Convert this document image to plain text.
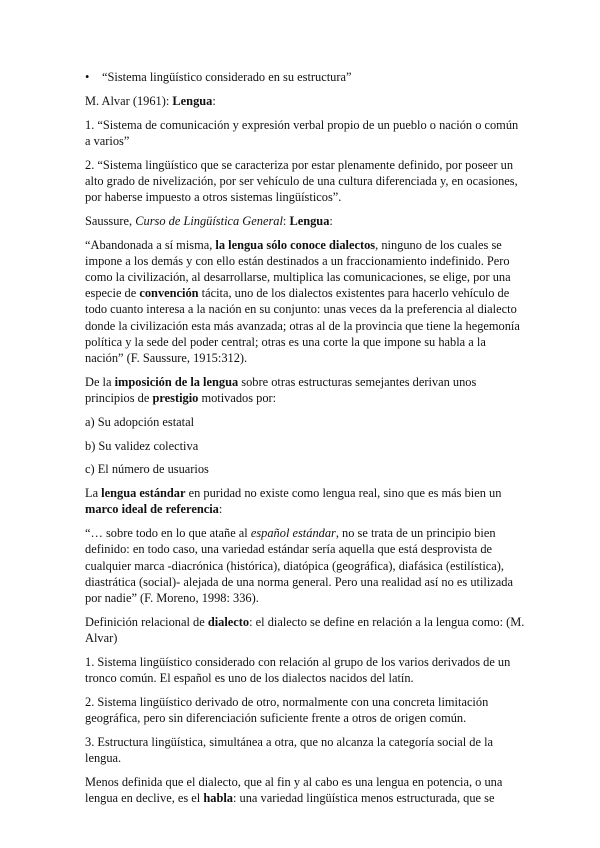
• “Sistema lingüístico considerado en su estructura”

M. Alvar (1961): Lengua:

1. “Sistema de comunicación y expresión verbal propio de un pueblo o nación o común a varios”

2. “Sistema lingüístico que se caracteriza por estar plenamente definido, por poseer un alto grado de nivelización, por ser vehículo de una cultura diferenciada y, en ocasiones, por haberse impuesto a otros sistemas lingüísticos”.

Saussure, Curso de Lingüística General: Lengua:

“Abandonada a sí misma, la lengua sólo conoce dialectos, ninguno de los cuales se impone a los demás y con ello están destinados a un fraccionamiento indefinido. Pero como la civilización, al desarrollarse, multiplica las comunicaciones, se elige, por una especie de convención tácita, uno de los dialectos existentes para hacerlo vehículo de todo cuanto interesa a la nación en su conjunto: unas veces da la preferencia al dialecto donde la civilización esta más avanzada; otras al de la provincia que tiene la hegemonía política y la sede del poder central; otras es una corte la que impone su habla a la nación” (F. Saussure, 1915:312).

De la imposición de la lengua sobre otras estructuras semejantes derivan unos principios de prestigio motivados por:

a) Su adopción estatal

b) Su validez colectiva

c) El número de usuarios

La lengua estándar en puridad no existe como lengua real, sino que es más bien un marco ideal de referencia:

“… sobre todo en lo que atañe al español estándar, no se trata de un principio bien definido: en todo caso, una variedad estándar sería aquella que está desprovista de cualquier marca -diacrónica (histórica), diatópica (geográfica), diafásica (estilística), diastrática (social)- alejada de una norma general. Pero una realidad así no es utilizada por nadie” (F. Moreno, 1998: 336).

Definición relacional de dialecto: el dialecto se define en relación a la lengua como: (M. Alvar)

1. Sistema lingüístico considerado con relación al grupo de los varios derivados de un tronco común. El español es uno de los dialectos nacidos del latín.

2. Sistema lingüístico derivado de otro, normalmente con una concreta limitación geográfica, pero sin diferenciación suficiente frente a otros de origen común.

3. Estructura lingüística, simultánea a otra, que no alcanza la categoría social de la lengua.

Menos definida que el dialecto, que al fin y al cabo es una lengua en potencia, o una lengua en declive, es el habla: una variedad lingüística menos estructurada, que se
